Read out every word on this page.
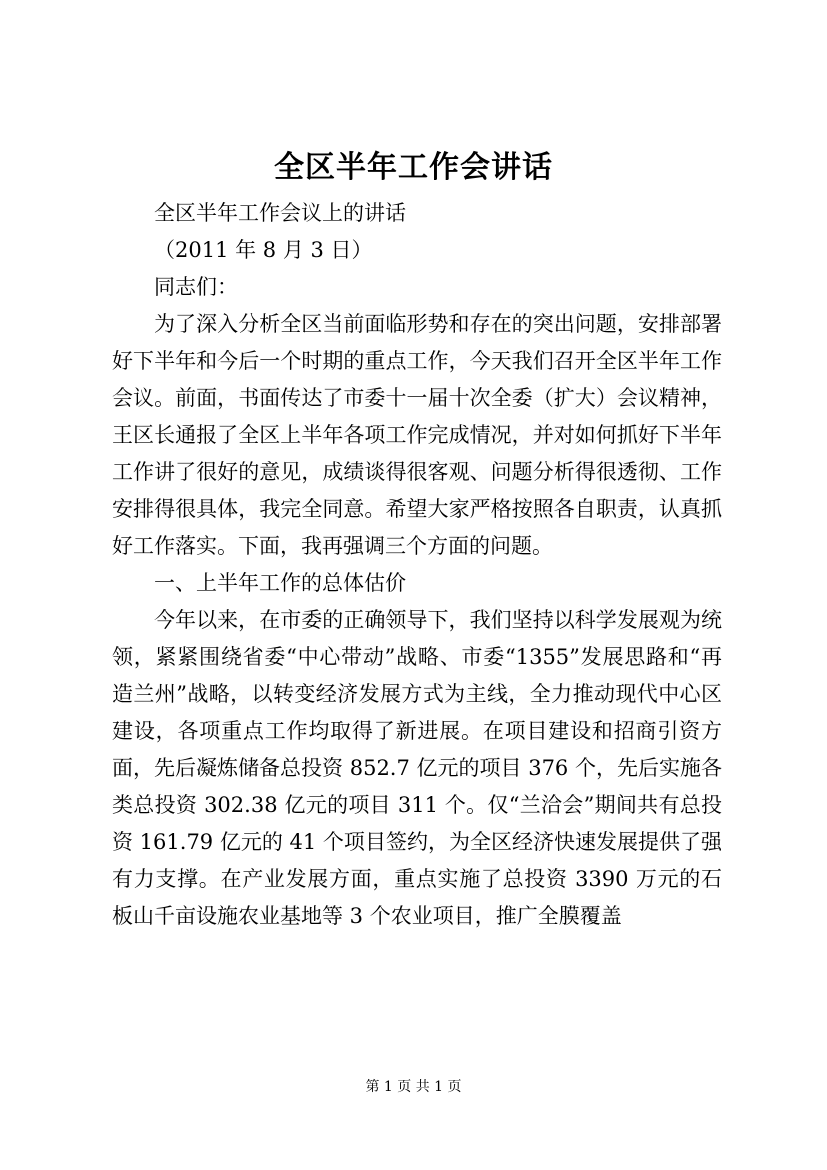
全区半年工作会讲话

全区半年工作会议上的讲话

（2011 年 8 月 3 日）

同志们：

为了深入分析全区当前面临形势和存在的突出问题，安排部署好下半年和今后一个时期的重点工作，今天我们召开全区半年工作会议。前面，书面传达了市委十一届十次全委（扩大）会议精神，王区长通报了全区上半年各项工作完成情况，并对如何抓好下半年工作讲了很好的意见，成绩谈得很客观、问题分析得很透彻、工作安排得很具体，我完全同意。希望大家严格按照各自职责，认真抓好工作落实。下面，我再强调三个方面的问题。

一、上半年工作的总体估价

今年以来，在市委的正确领导下，我们坚持以科学发展观为统领，紧紧围绕省委“中心带动”战略、市委“1355”发展思路和“再造兰州”战略，以转变经济发展方式为主线，全力推动现代中心区建设，各项重点工作均取得了新进展。在项目建设和招商引资方面，先后凝炼储备总投资 852.7 亿元的项目 376 个，先后实施各类总投资 302.38 亿元的项目 311 个。仅“兰洽会”期间共有总投资 161.79 亿元的 41 个项目签约，为全区经济快速发展提供了强有力支撑。在产业发展方面，重点实施了总投资 3390 万元的石板山千亩设施农业基地等 3 个农业项目，推广全膜覆盖

第 1 页 共 1 页
